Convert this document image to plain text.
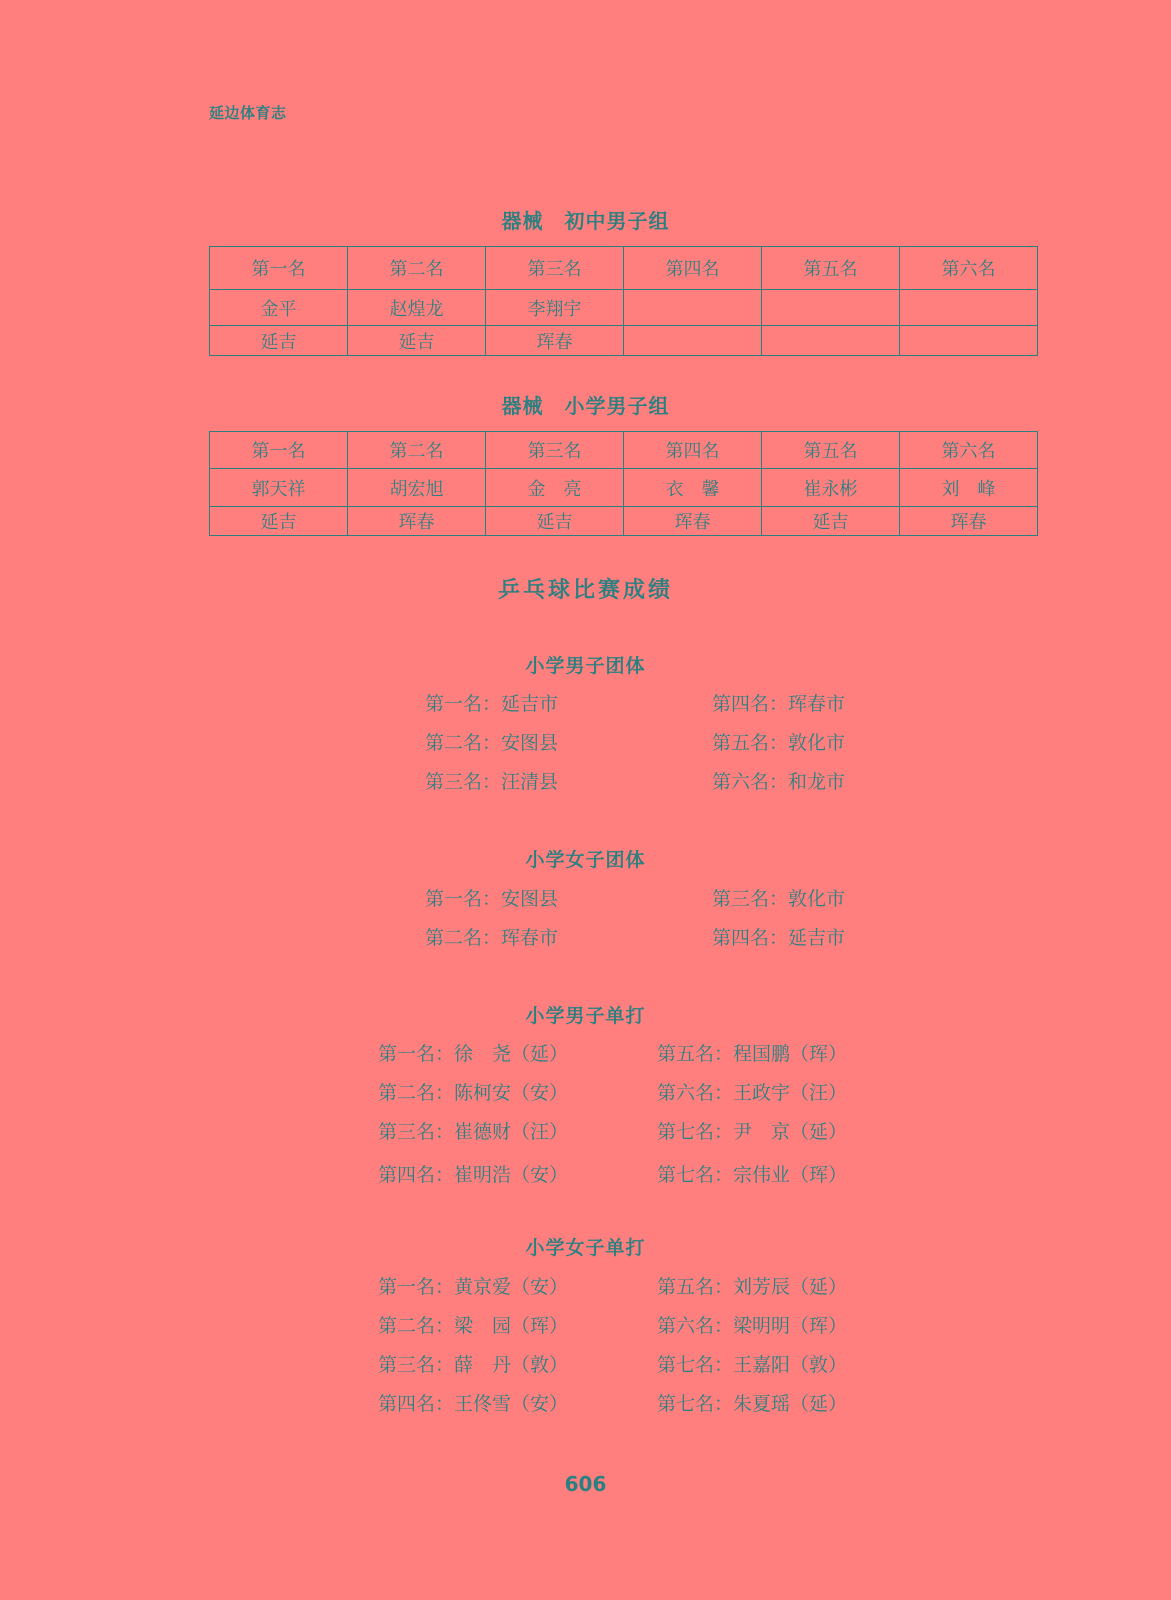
延边体育志
器械　初中男子组
第一名	第二名	第三名	第四名	第五名	第六名
金平	赵煌龙	李翔宇			
延吉	延吉	珲春			
器械　小学男子组
第一名	第二名	第三名	第四名	第五名	第六名
郭天祥	胡宏旭	金　亮	衣　馨	崔永彬	刘　峰
延吉	珲春	延吉	珲春	延吉	珲春
乒乓球比赛成绩
小学男子团体

第一名：延吉市

第二名：安图县

第三名：汪清县

第四名：珲春市

第五名：敦化市

第六名：和龙市

小学女子团体

第一名：安图县

第二名：珲春市

第三名：敦化市

第四名：延吉市

小学男子单打

第一名：徐　尧（延）

第二名：陈柯安（安）

第三名：崔德财（汪）

第四名：崔明浩（安）

第五名：程国鹏（珲）

第六名：王政宇（汪）

第七名：尹　京（延）

第七名：宗伟业（珲）

小学女子单打

第一名：黄京爱（安）

第二名：梁　园（珲）

第三名：薛　丹（敦）

第四名：王佟雪（安）

第五名：刘芳辰（延）

第六名：梁明明（珲）

第七名：王嘉阳（敦）

第七名：朱夏瑶（延）

606
